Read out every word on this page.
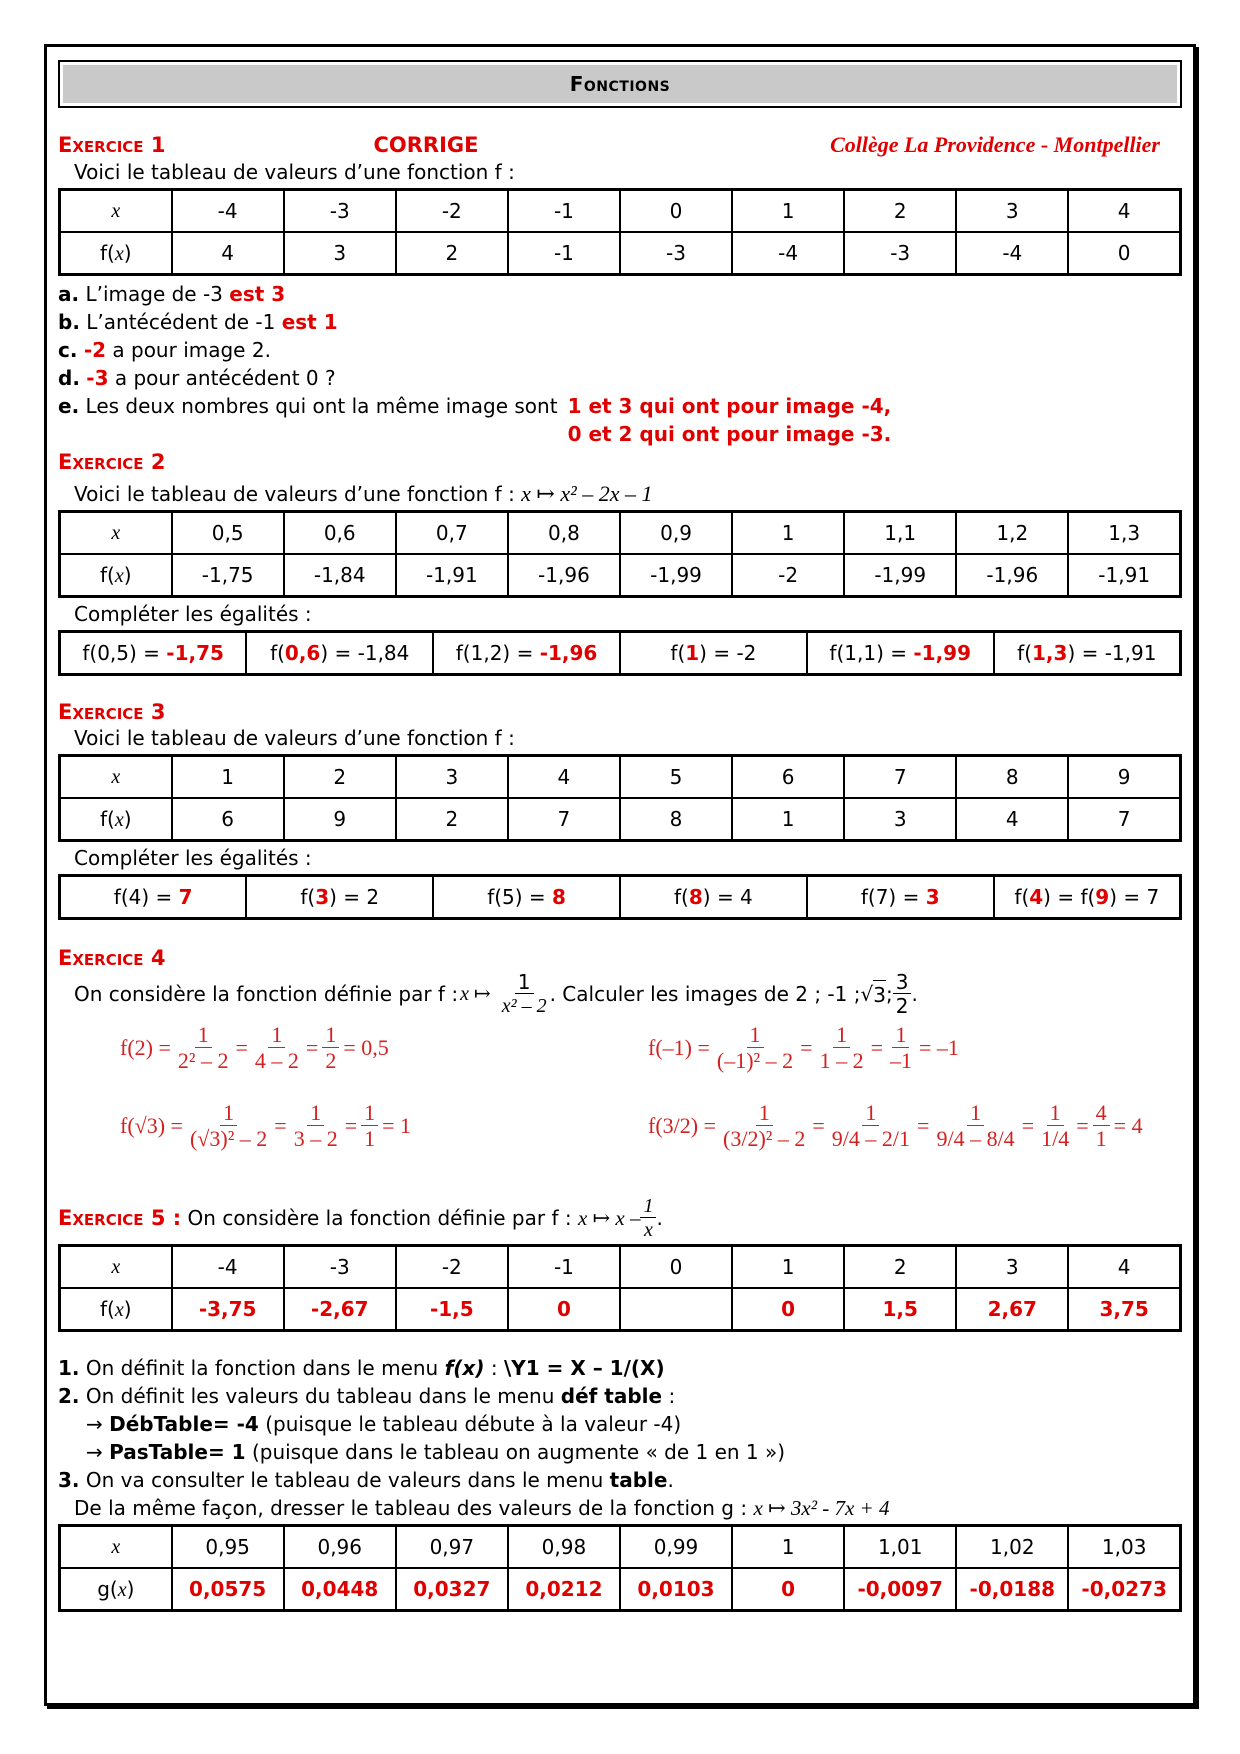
Fonctions
Exercice 1	CORRIGE	Collège La Providence - Montpellier
Voici le tableau de valeurs d’une fonction f :
x	-4	-3	-2	-1	0	1	2	3	4
f(x)	4	3	2	-1	-3	-4	-3	-4	0
a. L’image de -3 est 3
b. L’antécédent de -1 est 1
c. -2 a pour image 2.
d. -3 a pour antécédent 0 ?
e. Les deux nombres qui ont la même image sont 1 et 3 qui ont pour image -4,
0 et 2 qui ont pour image -3.
Exercice 2
Voici le tableau de valeurs d’une fonction f : x ↦ x² – 2x – 1
x	0,5	0,6	0,7	0,8	0,9	1	1,1	1,2	1,3
f(x)	-1,75	-1,84	-1,91	-1,96	-1,99	-2	-1,99	-1,96	-1,91
Compléter les égalités :
f(0,5) = -1,75	f(0,6) = -1,84	f(1,2) = -1,96	f(1) = -2	f(1,1) = -1,99	f(1,3) = -1,91
Exercice 3
Voici le tableau de valeurs d’une fonction f :
x	1	2	3	4	5	6	7	8	9
f(x)	6	9	2	7	8	1	3	4	7
Compléter les égalités :
f(4) = 7	f(3) = 2	f(5) = 8	f(8) = 4	f(7) = 3	f(4) = f(9) = 7
Exercice 4
On considère la fonction définie par f : x ↦ $\frac{1}{\text{x² – 2}}$ . Calculer les images de 2 ; -1 ; √ 3 ; $\frac{3}{2}$ .
$f(2) = \frac{1}{\text{2² – 2}} = \frac{1}{4 - 2} = \frac{1}{2} = 0,5$	$f(-1) = \frac{1}{\text{(–1)² – 2}} = \frac{1}{1 - 2} = \frac{1}{-1} = -1$
$f(√3) = \frac{1}{\text{(√3)² – 2}} = \frac{1}{3 - 2} = \frac{1}{1} = 1$	$f(3/2) = \frac{1}{\text{(3/2)² – 2}} = \frac{1}{9/4 - 2/1} = \frac{1}{9/4 - 8/4} = \frac{1}{1/4} = \frac{4}{1} = 4$
Exercice 5 : On considère la fonction définie par f : x ↦ x – $\frac{1}{x}$ .
x	-4	-3	-2	-1	0	1	2	3	4
f(x)	-3,75	-2,67	-1,5	0		0	1,5	2,67	3,75
1. On définit la fonction dans le menu f(x) : \Y1 = X – 1/(X)
2. On définit les valeurs du tableau dans le menu déf table :
→ DébTable= -4 (puisque le tableau débute à la valeur -4)
→ PasTable= 1 (puisque dans le tableau on augmente « de 1 en 1 »)
3. On va consulter le tableau de valeurs dans le menu table.
De la même façon, dresser le tableau des valeurs de la fonction g : x ↦ 3x² - 7x + 4
x	0,95	0,96	0,97	0,98	0,99	1	1,01	1,02	1,03
g(x)	0,0575	0,0448	0,0327	0,0212	0,0103	0	-0,0097	-0,0188	-0,0273
